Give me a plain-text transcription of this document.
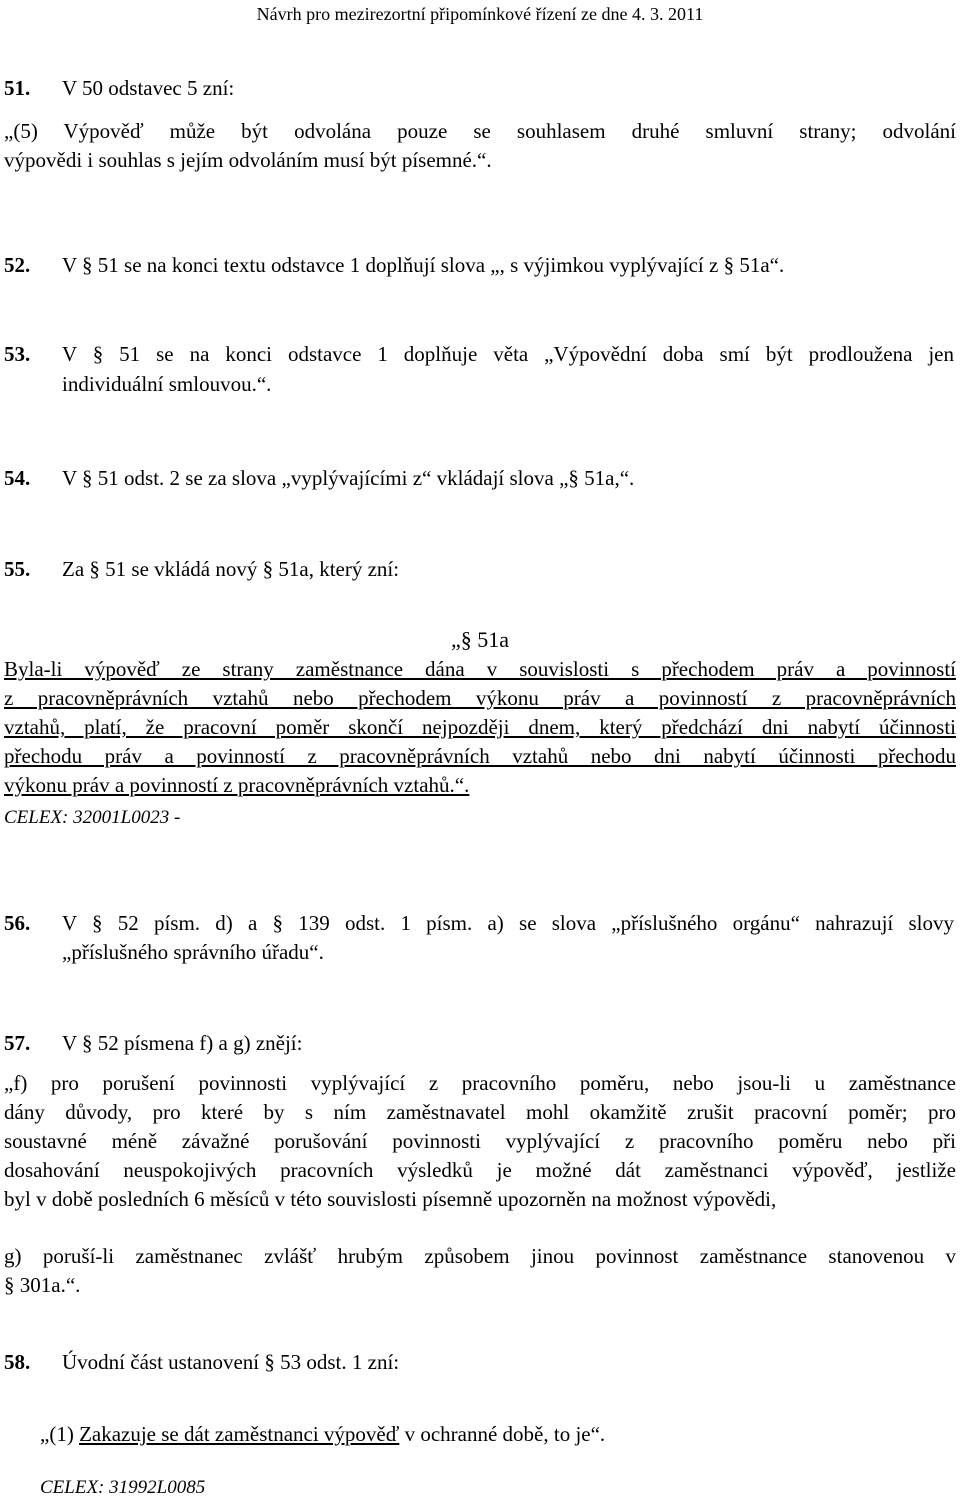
Návrh pro mezirezortní připomínkové řízení ze dne 4. 3. 2011
51. V 50 odstavec 5 zní:
„(5) Výpověď může být odvolána pouze se souhlasem druhé smluvní strany; odvolání
výpovědi i souhlas s jejím odvoláním musí být písemné.“.
52. V § 51 se na konci textu odstavce 1 doplňují slova „, s výjimkou vyplývající z § 51a“.
53. V § 51 se na konci odstavce 1 doplňuje věta „Výpovědní doba smí být prodloužena jen
individuální smlouvou.“.
54. V § 51 odst. 2 se za slova „vyplývajícími z“ vkládají slova „§ 51a,“.
55. Za § 51 se vkládá nový § 51a, který zní:
„§ 51a
Byla-li výpověď ze strany zaměstnance dána v souvislosti s přechodem práv a povinností
z pracovněprávních vztahů nebo přechodem výkonu práv a povinností z pracovněprávních
vztahů, platí, že pracovní poměr skončí nejpozději dnem, který předchází dni nabytí účinnosti
přechodu práv a povinností z pracovněprávních vztahů nebo dni nabytí účinnosti přechodu
výkonu práv a povinností z pracovněprávních vztahů.“.
CELEX: 32001L0023 -
56. V § 52 písm. d) a § 139 odst. 1 písm. a) se slova „příslušného orgánu“ nahrazují slovy
„příslušného správního úřadu“.
57. V § 52 písmena f) a g) znějí:
„f) pro porušení povinnosti vyplývající z pracovního poměru, nebo jsou-li u zaměstnance
dány důvody, pro které by s ním zaměstnavatel mohl okamžitě zrušit pracovní poměr; pro
soustavné méně závažné porušování povinnosti vyplývající z pracovního poměru nebo při
dosahování neuspokojivých pracovních výsledků je možné dát zaměstnanci výpověď, jestliže
byl v době posledních 6 měsíců v této souvislosti písemně upozorněn na možnost výpovědi,
g) poruší-li zaměstnanec zvlášť hrubým způsobem jinou povinnost zaměstnance stanovenou v
§ 301a.“.
58. Úvodní část ustanovení § 53 odst. 1 zní:
„(1) Zakazuje se dát zaměstnanci výpověď v ochranné době, to je“.
CELEX: 31992L0085
